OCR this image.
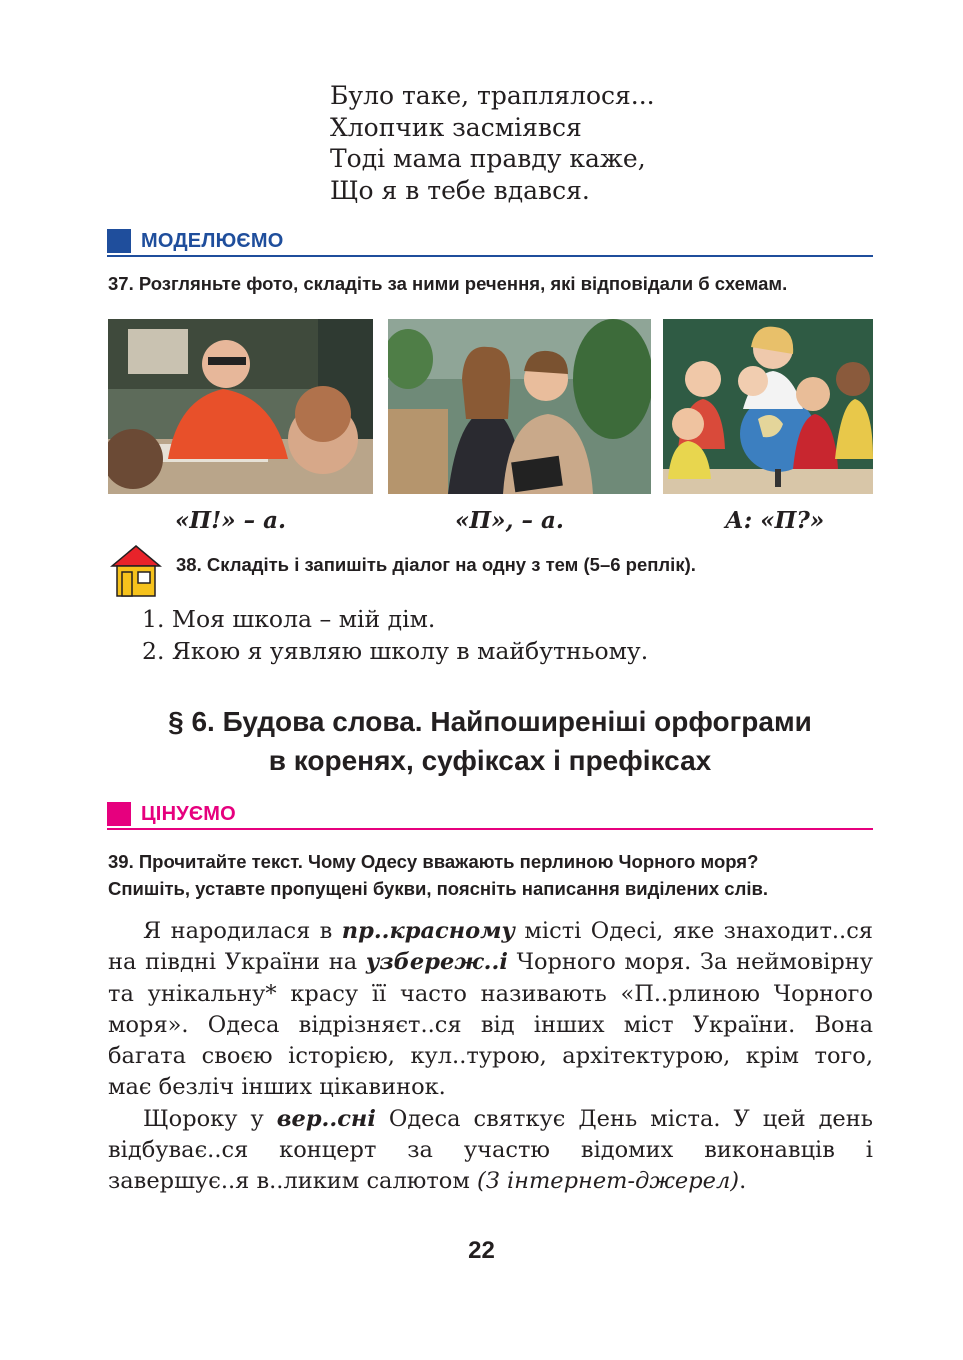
Було таке, траплялося...
Хлопчик засміявся
Тоді мама правду каже,
Що я в тебе вдався.
МОДЕЛЮЄМО
37. Розгляньте фото, складіть за ними речення, які відповідали б схемам.
«П!» – а.	«П», – а.	А: «П?»
38. Складіть і запишіть діалог на одну з тем (5–6 реплік).
1. Моя школа – мій дім.
2. Якою я уявляю школу в майбутньому.
§ 6. Будова слова. Найпоширеніші орфограми
в коренях, суфіксах і префіксах
ЦІНУЄМО
39. Прочитайте текст. Чому Одесу вважають перлиною Чорного моря?
Спишіть, уставте пропущені букви, поясніть написання виділених слів.

Я народилася в пр..красному місті Одесі, яке знаходит..ся на півдні України на узбереж..і Чорного моря. За неймовірну та унікальну* красу її часто називають «П..рлиною Чорного моря». Одеса відрізняєт..ся від інших міст України. Вона багата своєю історією, кул..турою, архітектурою, крім того, має безліч інших цікавинок.

Щороку у вер..сні Одеса святкує День міста. У цей день відбуває..ся концерт за участю відомих виконавців і завершує..я в..ликим салютом (З інтернет-джерел).

22
